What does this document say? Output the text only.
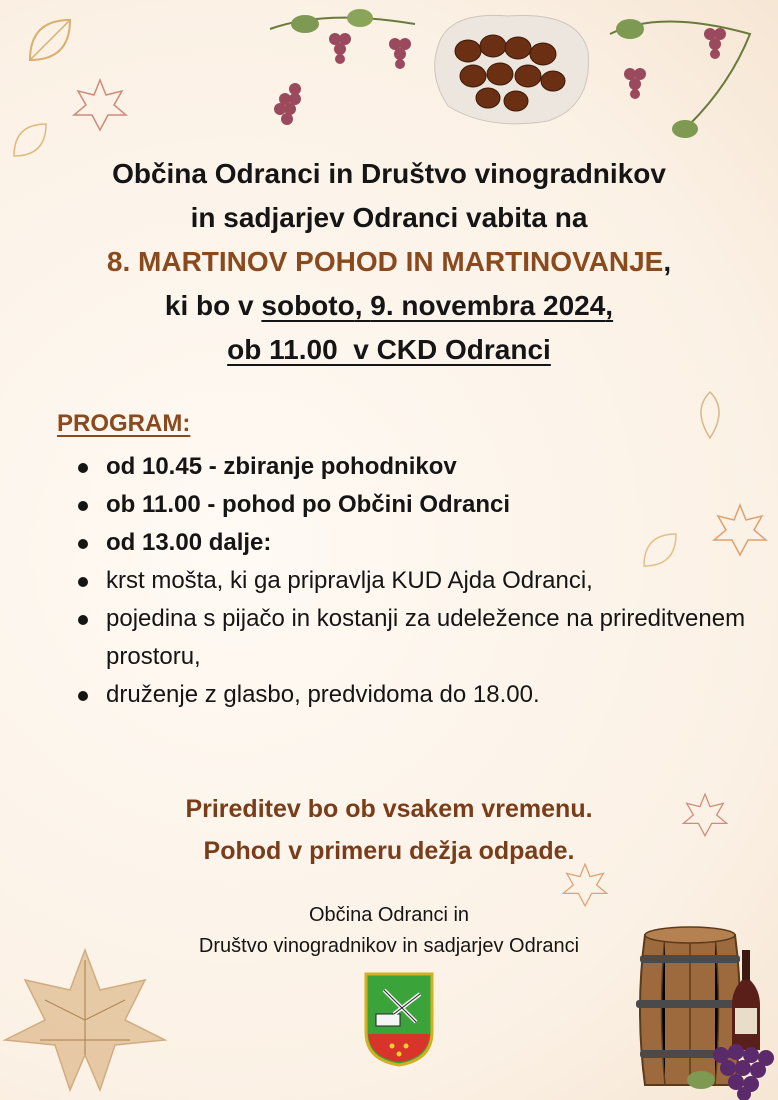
Občina Odranci in Društvo vinogradnikov
in sadjarjev Odranci vabita na
8. MARTINOV POHOD IN MARTINOVANJE,
ki bo v soboto, 9. novembra 2024,
ob 11.00  v CKD Odranci
PROGRAM:
od 10.45 - zbiranje pohodnikov
ob 11.00 - pohod po Občini Odranci
od 13.00 dalje:
krst mošta, ki ga pripravlja KUD Ajda Odranci,
pojedina s pijačo in kostanji za udeležence na prireditvenem prostoru,
druženje z glasbo, predvidoma do 18.00.
Prireditev bo ob vsakem vremenu.
Pohod v primeru dežja odpade.
Občina Odranci in
Društvo vinogradnikov in sadjarjev Odranci
